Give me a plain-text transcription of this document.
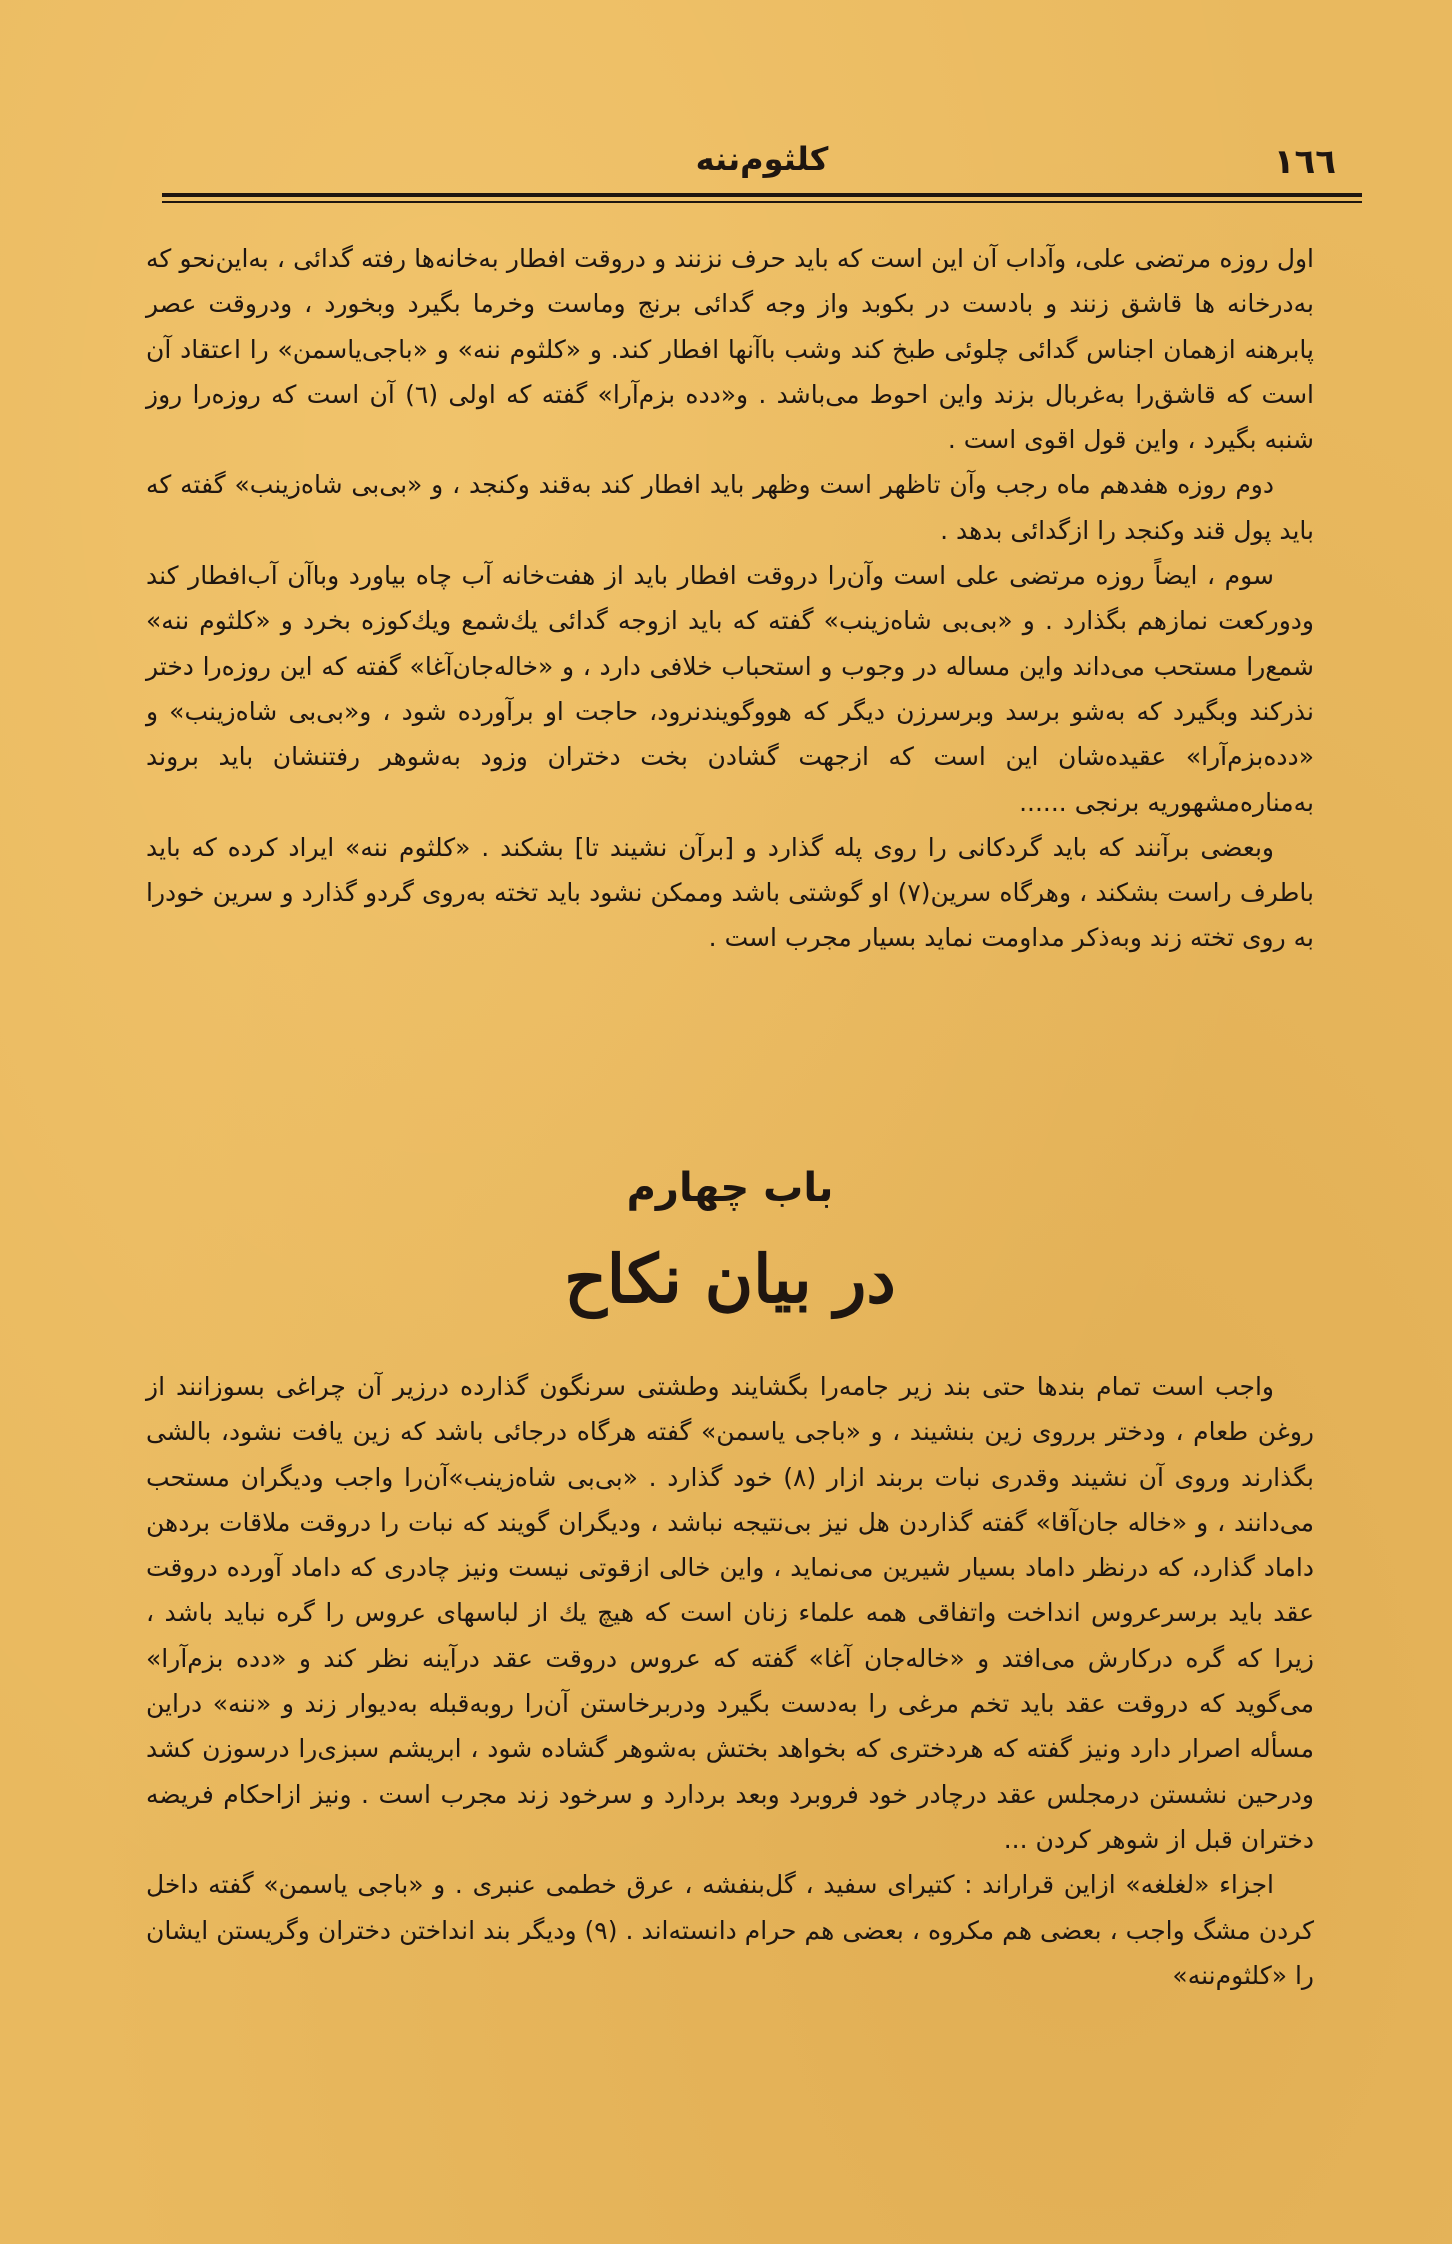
١٦٦
کلثوم‌ننه

اول روزه مرتضی علی، وآداب آن این است که باید حرف نزنند و دروقت افطار به‌خانه‌ها رفته گدائی ، به‌این‌نحو که به‌درخانه ها قاشق زنند و بادست در بکوبد واز وجه گدائی برنج وماست وخرما بگیرد وبخورد ، ودروقت عصر پابرهنه ازهمان اجناس گدائی چلوئی طبخ کند وشب باآنها افطار کند. و «کلثوم ننه» و «باجی‌یاسمن» را اعتقاد آن است که قاشق‌را به‌غربال بزند واین احوط می‌باشد . و«دده بزم‌آرا» گفته که اولی (٦) آن است که روزه‌را روز شنبه بگیرد ، واین قول اقوی است .

دوم روزه هفدهم ماه رجب وآن تاظهر است وظهر باید افطار کند به‌قند وکنجد ، و «بی‌بی شاه‌زینب» گفته که باید پول قند وکنجد را ازگدائی بدهد .

سوم ، ایضاً روزه مرتضی علی است وآن‌را دروقت افطار باید از هفت‌خانه آب چاه بیاورد وباآن آب‌افطار کند ودورکعت نمازهم بگذارد . و «بی‌بی شاه‌زینب» گفته که باید ازوجه گدائی یك‌شمع ویك‌کوزه بخرد و «کلثوم ننه» شمع‌را مستحب می‌داند واین مساله در وجوب و استحباب خلافی دارد ، و «خاله‌جان‌آغا» گفته که این روزه‌را دختر نذرکند وبگیرد که به‌شو برسد وبرسرزن دیگر که هووگویندنرود، حاجت او برآورده شود ، و«بی‌بی شاه‌زینب» و «دده‌بزم‌آرا» عقیده‌شان این است که ازجهت گشادن بخت دختران وزود به‌شوهر رفتنشان باید بروند به‌مناره‌مشهوریه برنجی ......

وبعضی برآنند که باید گردکانی را روی پله گذارد و [برآن نشیند تا] بشکند . «کلثوم ننه» ایراد کرده که باید باطرف راست بشکند ، وهرگاه سرین(٧) او گوشتی باشد وممکن نشود باید تخته به‌روی گردو گذارد و سرین خودرا به روی تخته زند وبه‌ذکر مداومت نماید بسیار مجرب است .

باب چهارم
در بیان نکاح

واجب است تمام بندها حتی بند زیر جامه‌را بگشایند وطشتی سرنگون گذارده درزیر آن چراغی بسوزانند از روغن طعام ، ودختر برروی زین بنشیند ، و «باجی یاسمن» گفته هرگاه درجائی باشد که زین یافت نشود، بالشی بگذارند وروی آن نشیند وقدری نبات بربند ازار (٨) خود گذارد . «بی‌بی شاه‌زینب»آن‌را واجب ودیگران مستحب می‌دانند ، و «خاله جان‌آقا» گفته گذاردن هل نیز بی‌نتیجه نباشد ، ودیگران گویند که نبات را دروقت ملاقات بردهن داماد گذارد، که درنظر داماد بسیار شیرین می‌نماید ، واین خالی ازقوتی نیست ونیز چادری که داماد آورده دروقت عقد باید برسرعروس انداخت واتفاقی همه علماء زنان است که هیچ یك از لباسهای عروس را گره نباید باشد ، زیرا که گره درکارش می‌افتد و «خاله‌جان آغا» گفته که عروس دروقت عقد درآینه نظر کند و «دده بزم‌آرا» می‌گوید که دروقت عقد باید تخم مرغی را به‌دست بگیرد ودربرخاستن آن‌را روبه‌قبله به‌دیوار زند و «ننه» دراین مسأله اصرار دارد ونیز گفته که هردختری که بخواهد بختش به‌شوهر گشاده شود ، ابریشم سبزی‌را درسوزن کشد ودرحین نشستن درمجلس عقد درچادر خود فروبرد وبعد بردارد و سرخود زند مجرب است . ونیز ازاحکام فریضه دختران قبل از شوهر کردن ...

اجزاء «لغلغه» ازاین قراراند : کتیرای سفید ، گل‌بنفشه ، عرق خطمی عنبری . و «باجی یاسمن» گفته داخل کردن مشگ واجب ، بعضی هم مکروه ، بعضی هم حرام دانسته‌اند . (٩) ودیگر بند انداختن دختران وگریستن ایشان را «کلثوم‌ننه»
